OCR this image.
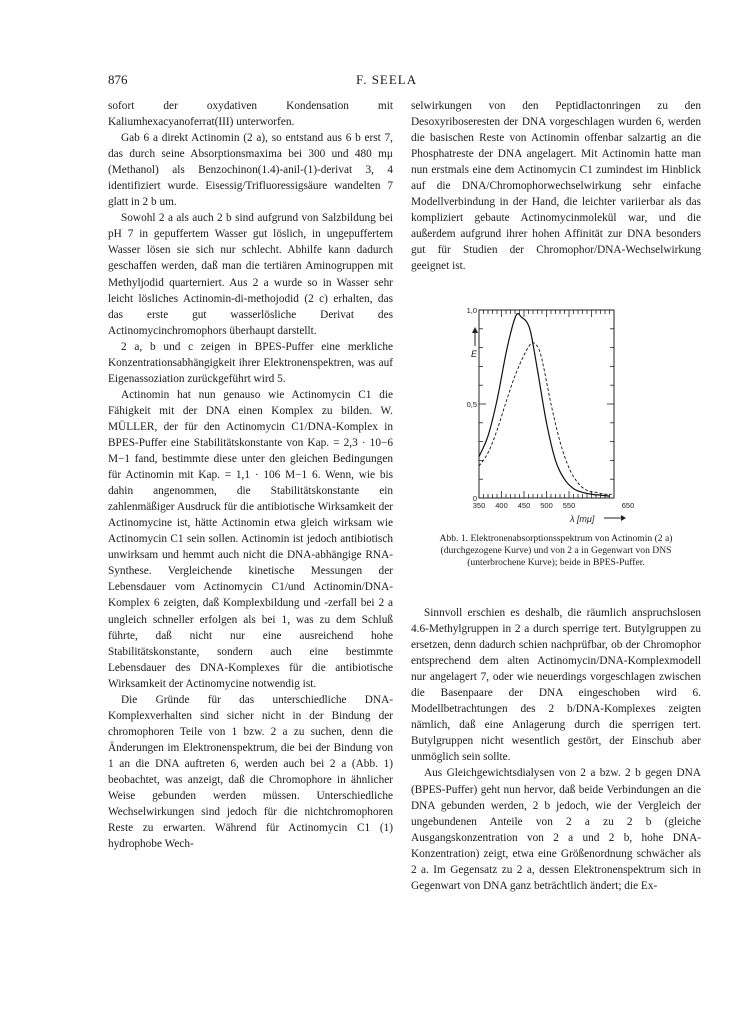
876	F. SEELA

sofort der oxydativen Kondensation mit Kaliumhexacyanoferrat(III) unterworfen.

Gab 6 a direkt Actinomin (2 a), so entstand aus 6 b erst 7, das durch seine Absorptionsmaxima bei 300 und 480 mμ (Methanol) als Benzochinon(1.4)-anil-(1)-derivat 3, 4 identifiziert wurde. Eisessig/Trifluoressigsäure wandelten 7 glatt in 2 b um.

Sowohl 2 a als auch 2 b sind aufgrund von Salzbildung bei pH 7 in gepuffertem Wasser gut löslich, in ungepuffertem Wasser lösen sie sich nur schlecht. Abhilfe kann dadurch geschaffen werden, daß man die tertiären Aminogruppen mit Methyljodid quarterniert. Aus 2 a wurde so in Wasser sehr leicht lösliches Actinomin-di-methojodid (2 c) erhalten, das das erste gut wasserlösliche Derivat des Actinomycinchromophors überhaupt darstellt.

2 a, b und c zeigen in BPES-Puffer eine merkliche Konzentrationsabhängigkeit ihrer Elektronenspektren, was auf Eigenassoziation zurückgeführt wird 5.

Actinomin hat nun genauso wie Actinomycin C1 die Fähigkeit mit der DNA einen Komplex zu bilden. W. MÜLLER, der für den Actinomycin C1/DNA-Komplex in BPES-Puffer eine Stabilitätskonstante von Kap. = 2,3 · 10−6 M−1 fand, bestimmte diese unter den gleichen Bedingungen für Actinomin mit Kap. = 1,1 · 106 M−1 6. Wenn, wie bis dahin angenommen, die Stabilitätskonstante ein zahlenmäßiger Ausdruck für die antibiotische Wirksamkeit der Actinomycine ist, hätte Actinomin etwa gleich wirksam wie Actinomycin C1 sein sollen. Actinomin ist jedoch antibiotisch unwirksam und hemmt auch nicht die DNA-abhängige RNA-Synthese. Vergleichende kinetische Messungen der Lebensdauer vom Actinomycin C1/und Actinomin/DNA-Komplex 6 zeigten, daß Komplexbildung und -zerfall bei 2 a ungleich schneller erfolgen als bei 1, was zu dem Schluß führte, daß nicht nur eine ausreichend hohe Stabilitätskonstante, sondern auch eine bestimmte Lebensdauer des DNA-Komplexes für die antibiotische Wirksamkeit der Actinomycine notwendig ist.

Die Gründe für das unterschiedliche DNA-Komplexverhalten sind sicher nicht in der Bindung der chromophoren Teile von 1 bzw. 2 a zu suchen, denn die Änderungen im Elektronenspektrum, die bei der Bindung von 1 an die DNA auftreten 6, werden auch bei 2 a (Abb. 1) beobachtet, was anzeigt, daß die Chromophore in ähnlicher Weise gebunden werden müssen. Unterschiedliche Wechselwirkungen sind jedoch für die nichtchromophoren Reste zu erwarten. Während für Actinomycin C1 (1) hydrophobe Wech-

selwirkungen von den Peptidlactonringen zu den Desoxyriboseresten der DNA vorgeschlagen wurden 6, werden die basischen Reste von Actinomin offenbar salzartig an die Phosphatreste der DNA angelagert. Mit Actinomin hatte man nun erstmals eine dem Actinomycin C1 zumindest im Hinblick auf die DNA/Chromophorwechselwirkung sehr einfache Modellverbindung in der Hand, die leichter variierbar als das kompliziert gebaute Actinomycinmolekül war, und die außerdem aufgrund ihrer hohen Affinität zur DNA besonders gut für Studien der Chromophor/DNA-Wechselwirkung geeignet ist.

350 400 450 500 550	650
0
0,5
1,0
E
λ [mμ]
Abb. 1. Elektronenabsorptionsspektrum von Actinomin (2 a) (durchgezogene Kurve) und von 2 a in Gegenwart von DNS (unterbrochene Kurve); beide in BPES-Puffer.

Sinnvoll erschien es deshalb, die räumlich anspruchslosen 4.6-Methylgruppen in 2 a durch sperrige tert. Butylgruppen zu ersetzen, denn dadurch schien nachprüfbar, ob der Chromophor entsprechend dem alten Actinomycin/DNA-Komplexmodell nur angelagert 7, oder wie neuerdings vorgeschlagen zwischen die Basenpaare der DNA eingeschoben wird 6. Modellbetrachtungen des 2 b/DNA-Komplexes zeigten nämlich, daß eine Anlagerung durch die sperrigen tert. Butylgruppen nicht wesentlich gestört, der Einschub aber unmöglich sein sollte.

Aus Gleichgewichtsdialysen von 2 a bzw. 2 b gegen DNA (BPES-Puffer) geht nun hervor, daß beide Verbindungen an die DNA gebunden werden, 2 b jedoch, wie der Vergleich der ungebundenen Anteile von 2 a zu 2 b (gleiche Ausgangskonzentration von 2 a und 2 b, hohe DNA-Konzentration) zeigt, etwa eine Größenordnung schwächer als 2 a. Im Gegensatz zu 2 a, dessen Elektronenspektrum sich in Gegenwart von DNA ganz beträchtlich ändert; die Ex-
